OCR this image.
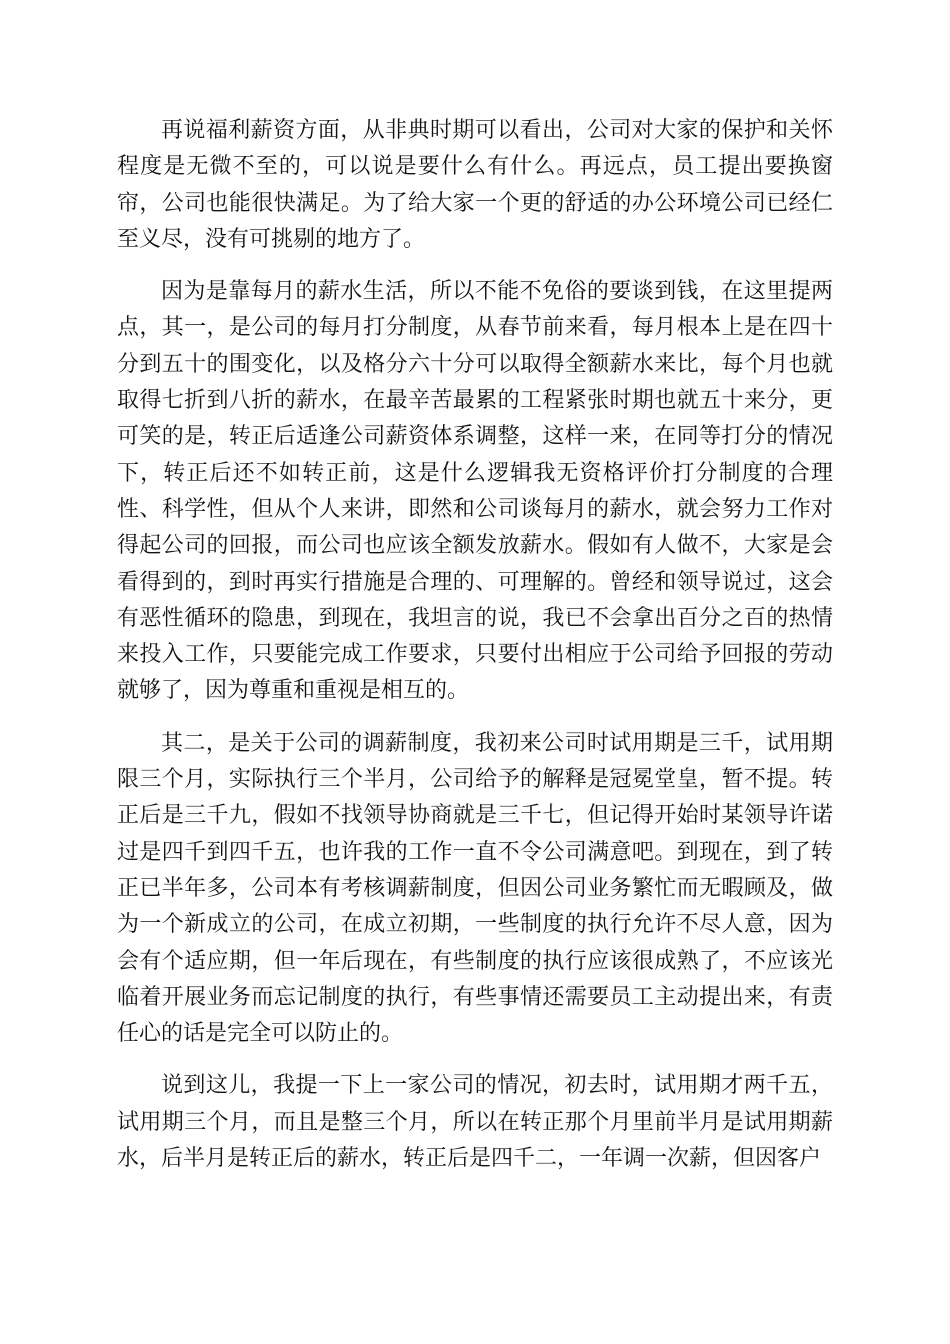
再说福利薪资方面，从非典时期可以看出，公司对大家的保护和关怀程度是无微不至的，可以说是要什么有什么。再远点，员工提出要换窗帘，公司也能很快满足。为了给大家一个更的舒适的办公环境公司已经仁至义尽，没有可挑剔的地方了。

因为是靠每月的薪水生活，所以不能不免俗的要谈到钱，在这里提两点，其一，是公司的每月打分制度，从春节前来看，每月根本上是在四十分到五十的围变化，以及格分六十分可以取得全额薪水来比，每个月也就取得七折到八折的薪水，在最辛苦最累的工程紧张时期也就五十来分，更可笑的是，转正后适逢公司薪资体系调整，这样一来，在同等打分的情况下，转正后还不如转正前，这是什么逻辑我无资格评价打分制度的合理性、科学性，但从个人来讲，即然和公司谈每月的薪水，就会努力工作对得起公司的回报，而公司也应该全额发放薪水。假如有人做不，大家是会看得到的，到时再实行措施是合理的、可理解的。曾经和领导说过，这会有恶性循环的隐患，到现在，我坦言的说，我已不会拿出百分之百的热情来投入工作，只要能完成工作要求，只要付出相应于公司给予回报的劳动就够了，因为尊重和重视是相互的。

其二，是关于公司的调薪制度，我初来公司时试用期是三千，试用期限三个月，实际执行三个半月，公司给予的解释是冠冕堂皇，暂不提。转正后是三千九，假如不找领导协商就是三千七，但记得开始时某领导许诺过是四千到四千五，也许我的工作一直不令公司满意吧。到现在，到了转正已半年多，公司本有考核调薪制度，但因公司业务繁忙而无暇顾及，做为一个新成立的公司，在成立初期，一些制度的执行允许不尽人意，因为会有个适应期，但一年后现在，有些制度的执行应该很成熟了，不应该光临着开展业务而忘记制度的执行，有些事情还需要员工主动提出来，有责任心的话是完全可以防止的。

说到这儿，我提一下上一家公司的情况，初去时，试用期才两千五，试用期三个月，而且是整三个月，所以在转正那个月里前半月是试用期薪水，后半月是转正后的薪水，转正后是四千二，一年调一次薪，但因客户
